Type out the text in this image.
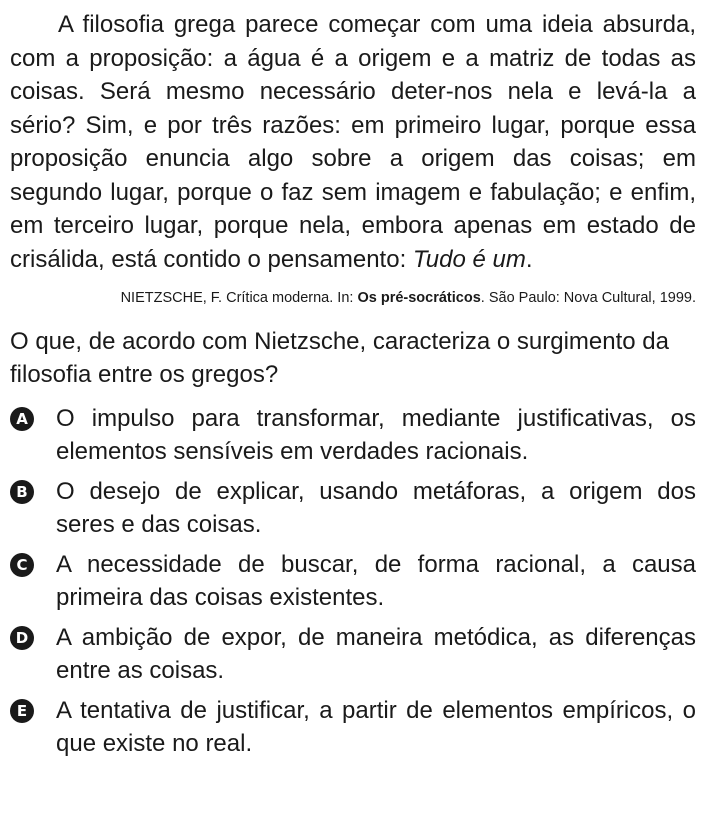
A filosofia grega parece começar com uma ideia absurda, com a proposição: a água é a origem e a matriz de todas as coisas. Será mesmo necessário deter-nos nela e levá-la a sério? Sim, e por três razões: em primeiro lugar, porque essa proposição enuncia algo sobre a origem das coisas; em segundo lugar, porque o faz sem imagem e fabulação; e enfim, em terceiro lugar, porque nela, embora apenas em estado de crisálida, está contido o pensamento: Tudo é um.

NIETZSCHE, F. Crítica moderna. In: Os pré-socráticos. São Paulo: Nova Cultural, 1999.

O que, de acordo com Nietzsche, caracteriza o surgimento da filosofia entre os gregos?

A O impulso para transformar, mediante justificativas, os elementos sensíveis em verdades racionais.
B O desejo de explicar, usando metáforas, a origem dos seres e das coisas.
C A necessidade de buscar, de forma racional, a causa primeira das coisas existentes.
D A ambição de expor, de maneira metódica, as diferenças entre as coisas.
E A tentativa de justificar, a partir de elementos empíricos, o que existe no real.
